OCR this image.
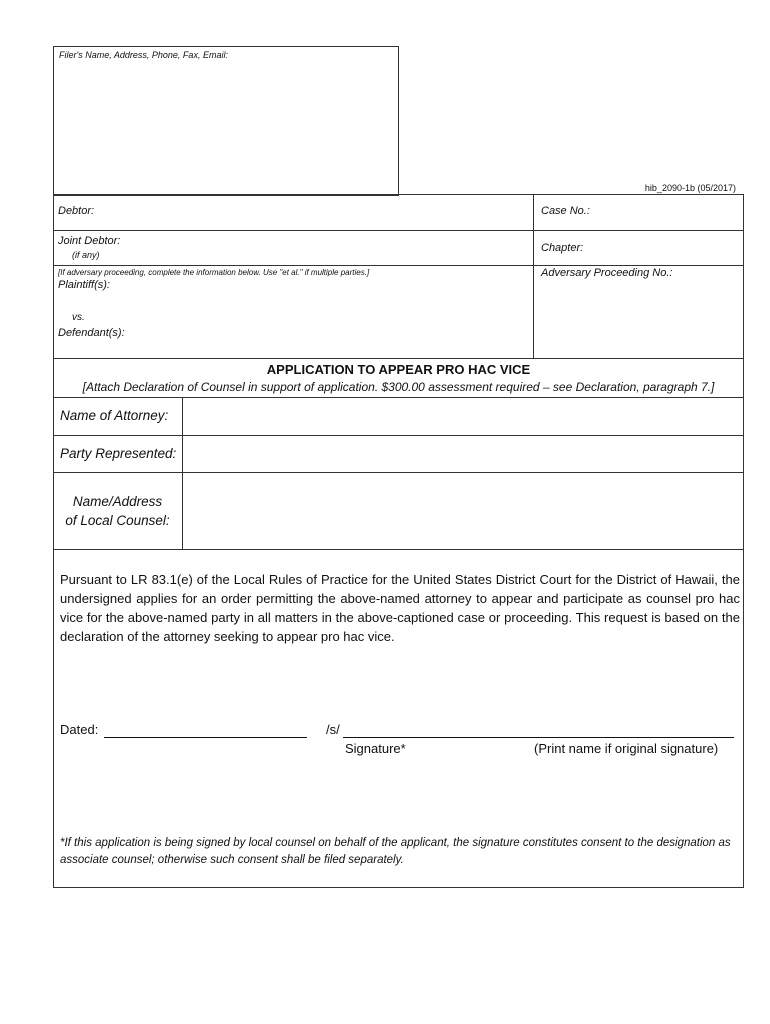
Filer's Name, Address, Phone, Fax, Email:
hib_2090-1b (05/2017)
Debtor:	Case No.:
Joint Debtor:
(if any)
Chapter:
[If adversary proceeding, complete the information below. Use "et al." if multiple parties.]
Plaintiff(s):
vs.
Defendant(s):
Adversary Proceeding No.:
APPLICATION TO APPEAR PRO HAC VICE
[Attach Declaration of Counsel in support of application. $300.00 assessment required – see Declaration, paragraph 7.]
Name of Attorney:
Party Represented:
Name/Address
of Local Counsel:
Pursuant to LR 83.1(e) of the Local Rules of Practice for the United States District Court for the District of Hawaii, the undersigned applies for an order permitting the above-named attorney to appear and participate as counsel pro hac vice for the above-named party in all matters in the above-captioned case or proceeding. This request is based on the declaration of the attorney seeking to appear pro hac vice.
Dated:	/s/
Signature*	(Print name if original signature)
*If this application is being signed by local counsel on behalf of the applicant, the signature constitutes consent to the designation as associate counsel; otherwise such consent shall be filed separately.
